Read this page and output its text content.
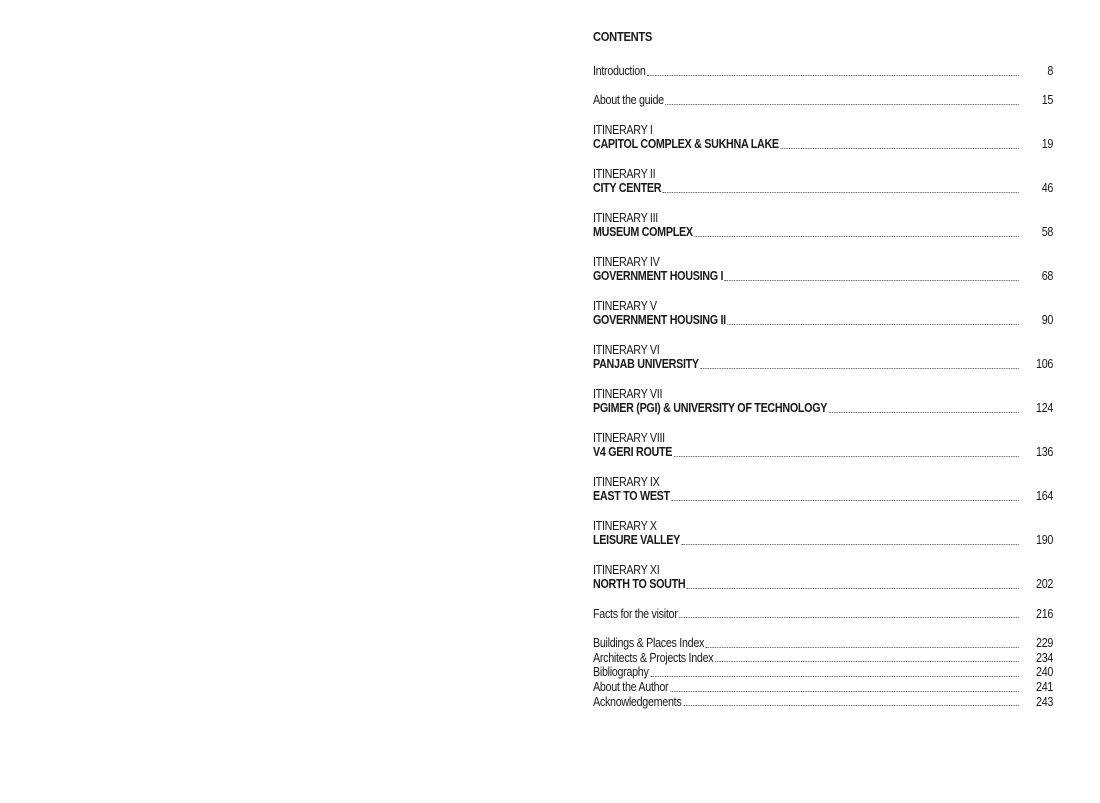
CONTENTS
Introduction	8
About the guide	15
ITINERARY I
CAPITOL COMPLEX & SUKHNA LAKE	19
ITINERARY II
CITY CENTER	46
ITINERARY III
MUSEUM COMPLEX	58
ITINERARY IV
GOVERNMENT HOUSING I	68
ITINERARY V
GOVERNMENT HOUSING II	90
ITINERARY VI
PANJAB UNIVERSITY	106
ITINERARY VII
PGIMER (PGI) & UNIVERSITY OF TECHNOLOGY	124
ITINERARY VIII
V4 GERI ROUTE	136
ITINERARY IX
EAST TO WEST	164
ITINERARY X
LEISURE VALLEY	190
ITINERARY XI
NORTH TO SOUTH	202
Facts for the visitor	216
Buildings & Places Index	229
Architects & Projects Index	234
Bibliography	240
About the Author	241
Acknowledgements	243
